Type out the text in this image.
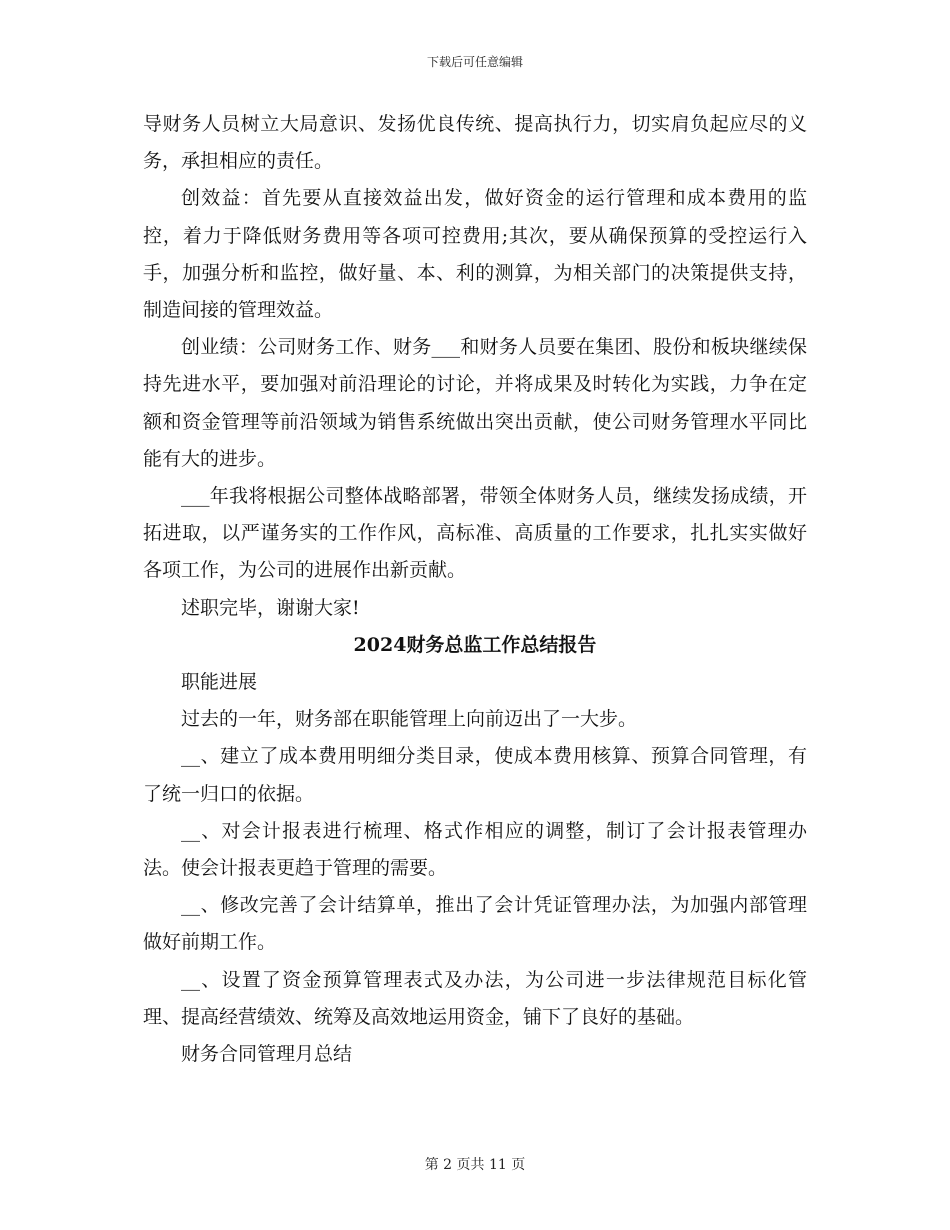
下载后可任意编辑

导财务人员树立大局意识、发扬优良传统、提高执行力，切实肩负起应尽的义务，承担相应的责任。

创效益：首先要从直接效益出发，做好资金的运行管理和成本费用的监控，着力于降低财务费用等各项可控费用;其次，要从确保预算的受控运行入手，加强分析和监控，做好量、本、利的测算，为相关部门的决策提供支持，制造间接的管理效益。

创业绩：公司财务工作、财务___和财务人员要在集团、股份和板块继续保持先进水平，要加强对前沿理论的讨论，并将成果及时转化为实践，力争在定额和资金管理等前沿领域为销售系统做出突出贡献，使公司财务管理水平同比能有大的进步。

___年我将根据公司整体战略部署，带领全体财务人员，继续发扬成绩，开拓进取，以严谨务实的工作作风，高标准、高质量的工作要求，扎扎实实做好各项工作，为公司的进展作出新贡献。

述职完毕，谢谢大家!

2024财务总监工作总结报告

职能进展

过去的一年，财务部在职能管理上向前迈出了一大步。

__、建立了成本费用明细分类目录，使成本费用核算、预算合同管理，有了统一归口的依据。

__、对会计报表进行梳理、格式作相应的调整，制订了会计报表管理办法。使会计报表更趋于管理的需要。

__、修改完善了会计结算单，推出了会计凭证管理办法，为加强内部管理做好前期工作。

__、设置了资金预算管理表式及办法，为公司进一步法律规范目标化管理、提高经营绩效、统筹及高效地运用资金，铺下了良好的基础。

财务合同管理月总结

第 2 页共 11 页
